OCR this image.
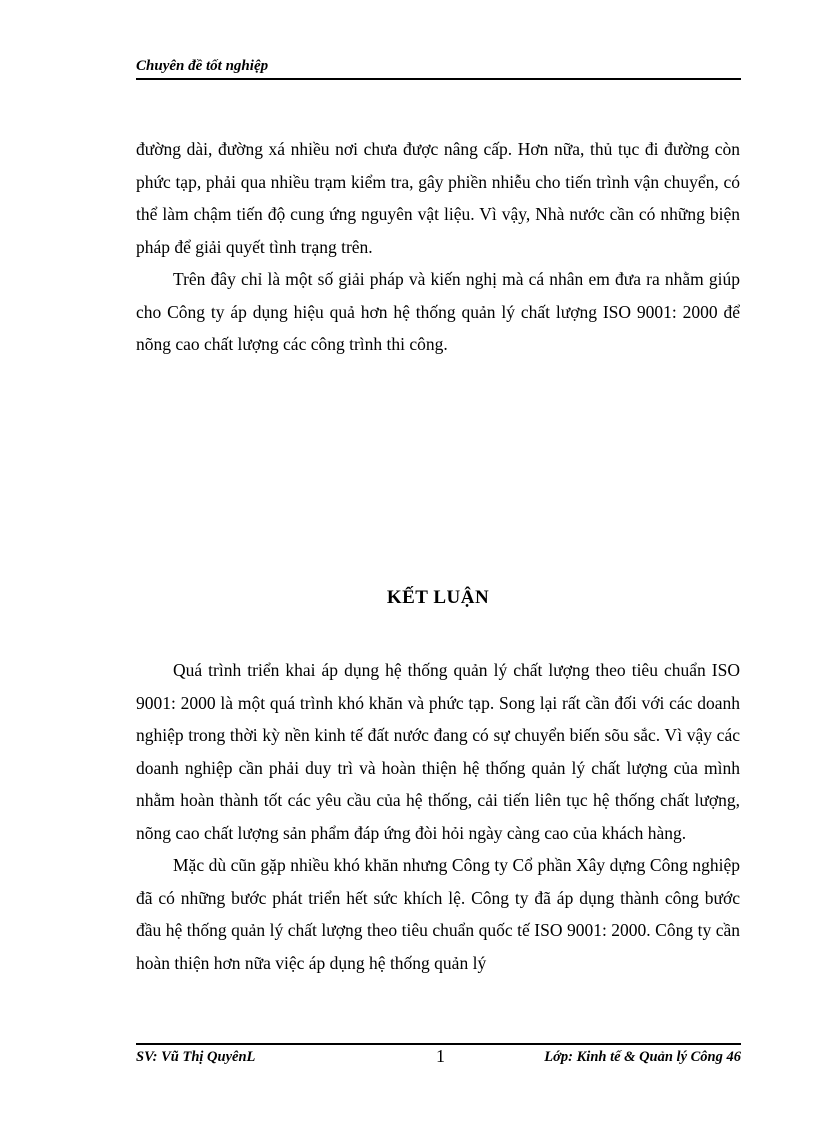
Chuyên đề tốt nghiệp

đường dài, đường xá nhiều nơi chưa được nâng cấp. Hơn nữa, thủ tục đi đường còn phức tạp, phải qua nhiều trạm kiểm tra, gây phiền nhiễu cho tiến trình vận chuyển, có thể làm chậm tiến độ cung ứng nguyên vật liệu. Vì vậy, Nhà nước cần có những biện pháp để giải quyết tình trạng trên.

Trên đây chỉ là một số giải pháp và kiến nghị mà cá nhân em đưa ra nhằm giúp cho Công ty áp dụng hiệu quả hơn hệ thống quản lý chất lượng ISO 9001: 2000 để nõng cao chất lượng các công trình thi công.

KẾT LUẬN

Quá trình triển khai áp dụng hệ thống quản lý chất lượng theo tiêu chuẩn ISO 9001: 2000 là một quá trình khó khăn và phức tạp. Song lại rất cần đối với các doanh nghiệp trong thời kỳ nền kinh tế đất nước đang có sự chuyển biến sõu sắc. Vì vậy các doanh nghiệp cần phải duy trì và hoàn thiện hệ thống quản lý chất lượng của mình nhằm hoàn thành tốt các yêu cầu của hệ thống, cải tiến liên tục hệ thống chất lượng, nõng cao chất lượng sản phẩm đáp ứng đòi hỏi ngày càng cao của khách hàng.

Mặc dù cũn gặp nhiều khó khăn nhưng Công ty Cổ phần Xây dựng Công nghiệp đã có những bước phát triển hết sức khích lệ. Công ty đã áp dụng thành công bước đầu hệ thống quản lý chất lượng theo tiêu chuẩn quốc tế ISO 9001: 2000. Công ty cần hoàn thiện hơn nữa việc áp dụng hệ thống quản lý

SV: Vũ Thị QuyênL	1	Lớp: Kinh tế & Quản lý Công 46
